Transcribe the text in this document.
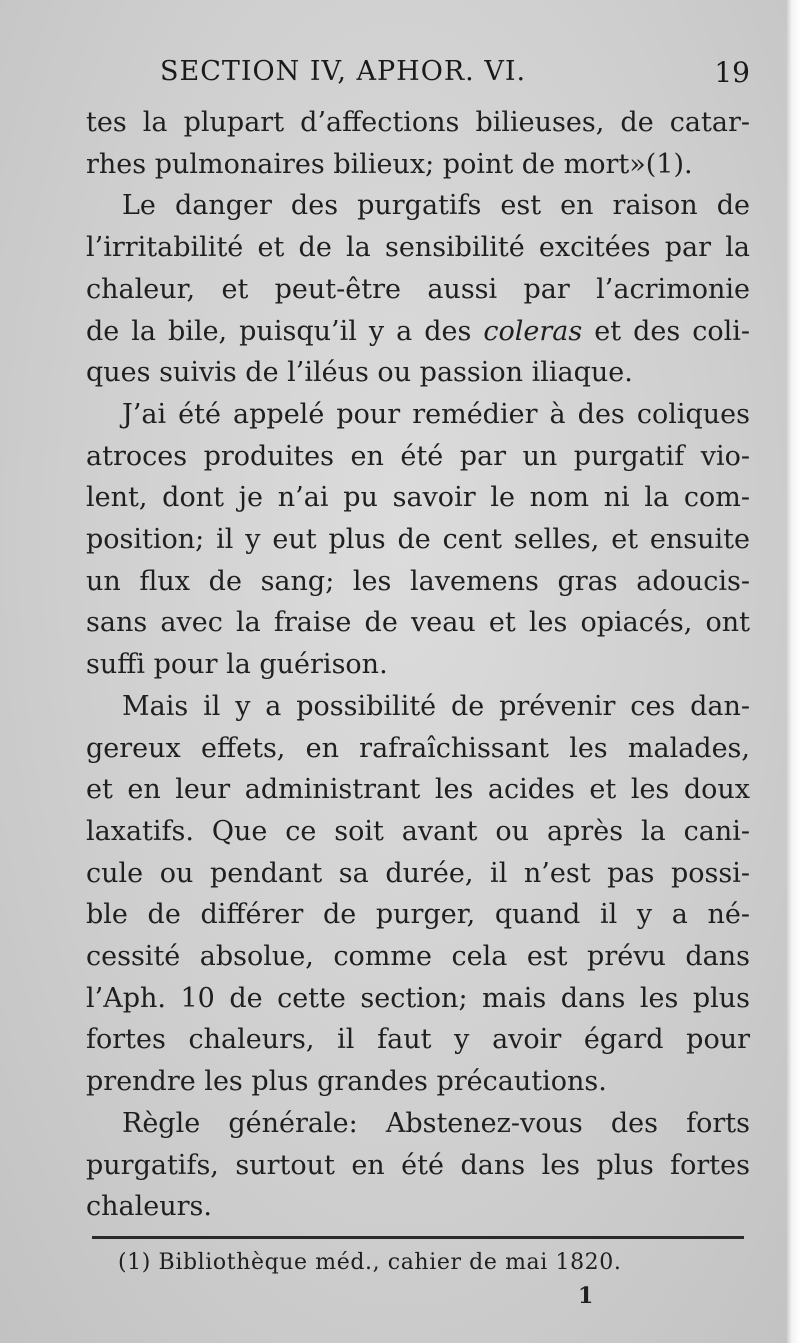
SECTION IV, APHOR. VI.	19
tes la plupart d’affections bilieuses, de catar-
rhes pulmonaires bilieux; point de mort»(1).
Le danger des purgatifs est en raison de
l’irritabilité et de la sensibilité excitées par la
chaleur, et peut-être aussi par l’acrimonie
de la bile, puisqu’il y a des coleras et des coli-
ques suivis de l’iléus ou passion iliaque.
J’ai été appelé pour remédier à des coliques
atroces produites en été par un purgatif vio-
lent, dont je n’ai pu savoir le nom ni la com-
position; il y eut plus de cent selles, et ensuite
un flux de sang; les lavemens gras adoucis-
sans avec la fraise de veau et les opiacés, ont
suffi pour la guérison.
Mais il y a possibilité de prévenir ces dan-
gereux effets, en rafraîchissant les malades,
et en leur administrant les acides et les doux
laxatifs. Que ce soit avant ou après la cani-
cule ou pendant sa durée, il n’est pas possi-
ble de différer de purger, quand il y a né-
cessité absolue, comme cela est prévu dans
l’Aph. 10 de cette section; mais dans les plus
fortes chaleurs, il faut y avoir égard pour
prendre les plus grandes précautions.
Règle générale: Abstenez-vous des forts
purgatifs, surtout en été dans les plus fortes
chaleurs.
(1) Bibliothèque méd., cahier de mai 1820.
1
